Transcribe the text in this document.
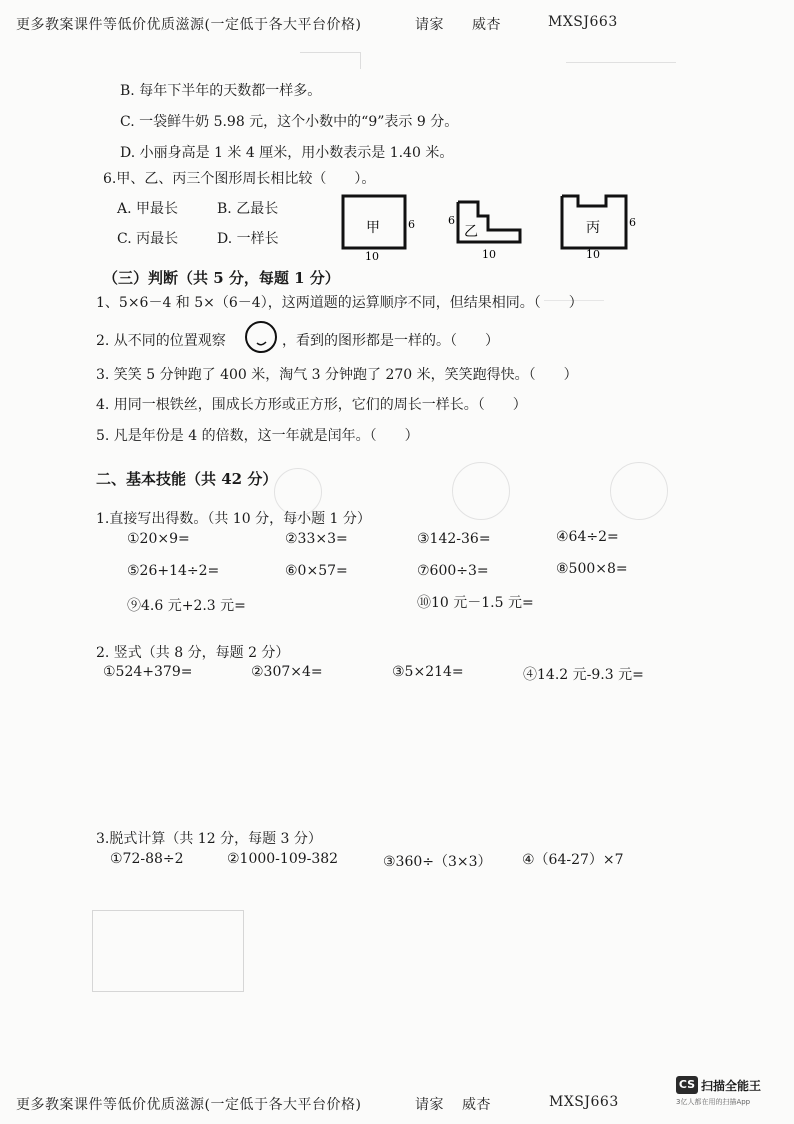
更多教案课件等低价优质滋源(一定低于各大平台价格)	请家 威杏	MXSJ663
B. 每年下半年的天数都一样多。
C. 一袋鲜牛奶 5.98 元，这个小数中的“9”表示 9 分。
D. 小丽身高是 1 米 4 厘米，用小数表示是 1.40 米。
6.甲、乙、丙三个图形周长相比较（　　）。
A. 甲最长	B. 乙最长
C. 丙最长	D. 一样长
甲	6
10
乙
6
10
丙	6
10
（三）判断（共 5 分，每题 1 分）
1、5×6－4 和 5×（6－4），这两道题的运算顺序不同，但结果相同。（　　）
2. 从不同的位置观察	，看到的图形都是一样的。（　　）
3. 笑笑 5 分钟跑了 400 米，淘气 3 分钟跑了 270 米，笑笑跑得快。（　　）
4. 用同一根铁丝，围成长方形或正方形，它们的周长一样长。（　　）
5. 凡是年份是 4 的倍数，这一年就是闰年。（　　）
二、基本技能（共 42 分）
1.直接写出得数。（共 10 分，每小题 1 分）
①20×9=	②33×3=	③142-36=	④64÷2=
⑤26+14÷2=	⑥0×57=	⑦600÷3=	⑧500×8=
⑨4.6 元+2.3 元=	⑩10 元－1.5 元=
2. 竖式（共 8 分，每题 2 分）
①524+379=	②307×4=	③5×214=	④14.2 元-9.3 元=
3.脱式计算（共 12 分，每题 3 分）
①72-88÷2	②1000-109-382	③360÷（3×3） ④（64-27）×7
更多教案课件等低价优质滋源(一定低于各大平台价格)	请家 威杏	MXSJ663
CS 扫描全能王
3亿人都在用的扫描App
